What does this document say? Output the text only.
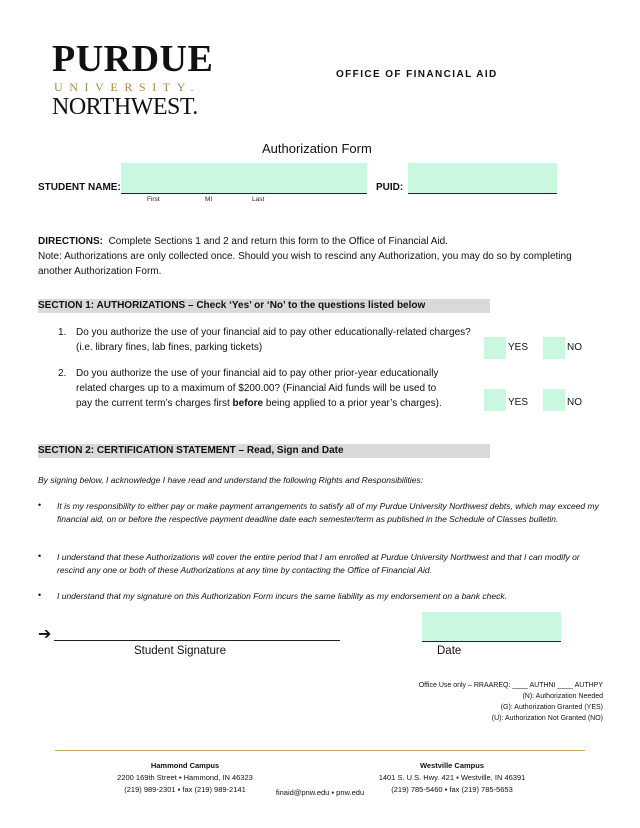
PURDUE
UNIVERSITY.
NORTHWEST.
OFFICE OF FINANCIAL AID
Authorization Form
STUDENT NAME:
First	MI	Last
PUID:
DIRECTIONS: Complete Sections 1 and 2 and return this form to the Office of Financial Aid.
Note: Authorizations are only collected once. Should you wish to rescind any Authorization, you may do so by completing another Authorization Form.
SECTION 1: AUTHORIZATIONS – Check ‘Yes’ or ‘No’ to the questions listed below
1. Do you authorize the use of your financial aid to pay other educationally-related charges?
(i.e. library fines, lab fines, parking tickets)	YES	NO
2. Do you authorize the use of your financial aid to pay other prior-year educationally
related charges up to a maximum of $200.00? (Financial Aid funds will be used to
pay the current term’s charges first before being applied to a prior year’s charges).	YES	NO
SECTION 2: CERTIFICATION STATEMENT – Read, Sign and Date
By signing below, I acknowledge I have read and understand the following Rights and Responsibilities:
• It is my responsibility to either pay or make payment arrangements to satisfy all of my Purdue University Northwest debts, which may exceed my financial aid, on or before the respective payment deadline date each semester/term as published in the Schedule of Classes bulletin.
• I understand that these Authorizations will cover the entire period that I am enrolled at Purdue University Northwest and that I can modify or rescind any one or both of these Authorizations at any time by contacting the Office of Financial Aid.
• I understand that my signature on this Authorization Form incurs the same liability as my endorsement on a bank check.
➔
Student Signature	Date
Office Use only – RRAAREQ: ____ AUTHNI ____ AUTHPY
(N): Authorization Needed
(G): Authorization Granted (YES)
(U): Authorization Not Granted (NO)
Hammond Campus
2200 169th Street ▪ Hammond, IN 46323
(219) 989-2301 ▪ fax (219) 989-2141
Westville Campus
1401 S. U.S. Hwy. 421 ▪ Westville, IN 46391
(219) 785-5460 ▪ fax (219) 785-5653
finaid@pnw.edu ▪ pnw.edu
